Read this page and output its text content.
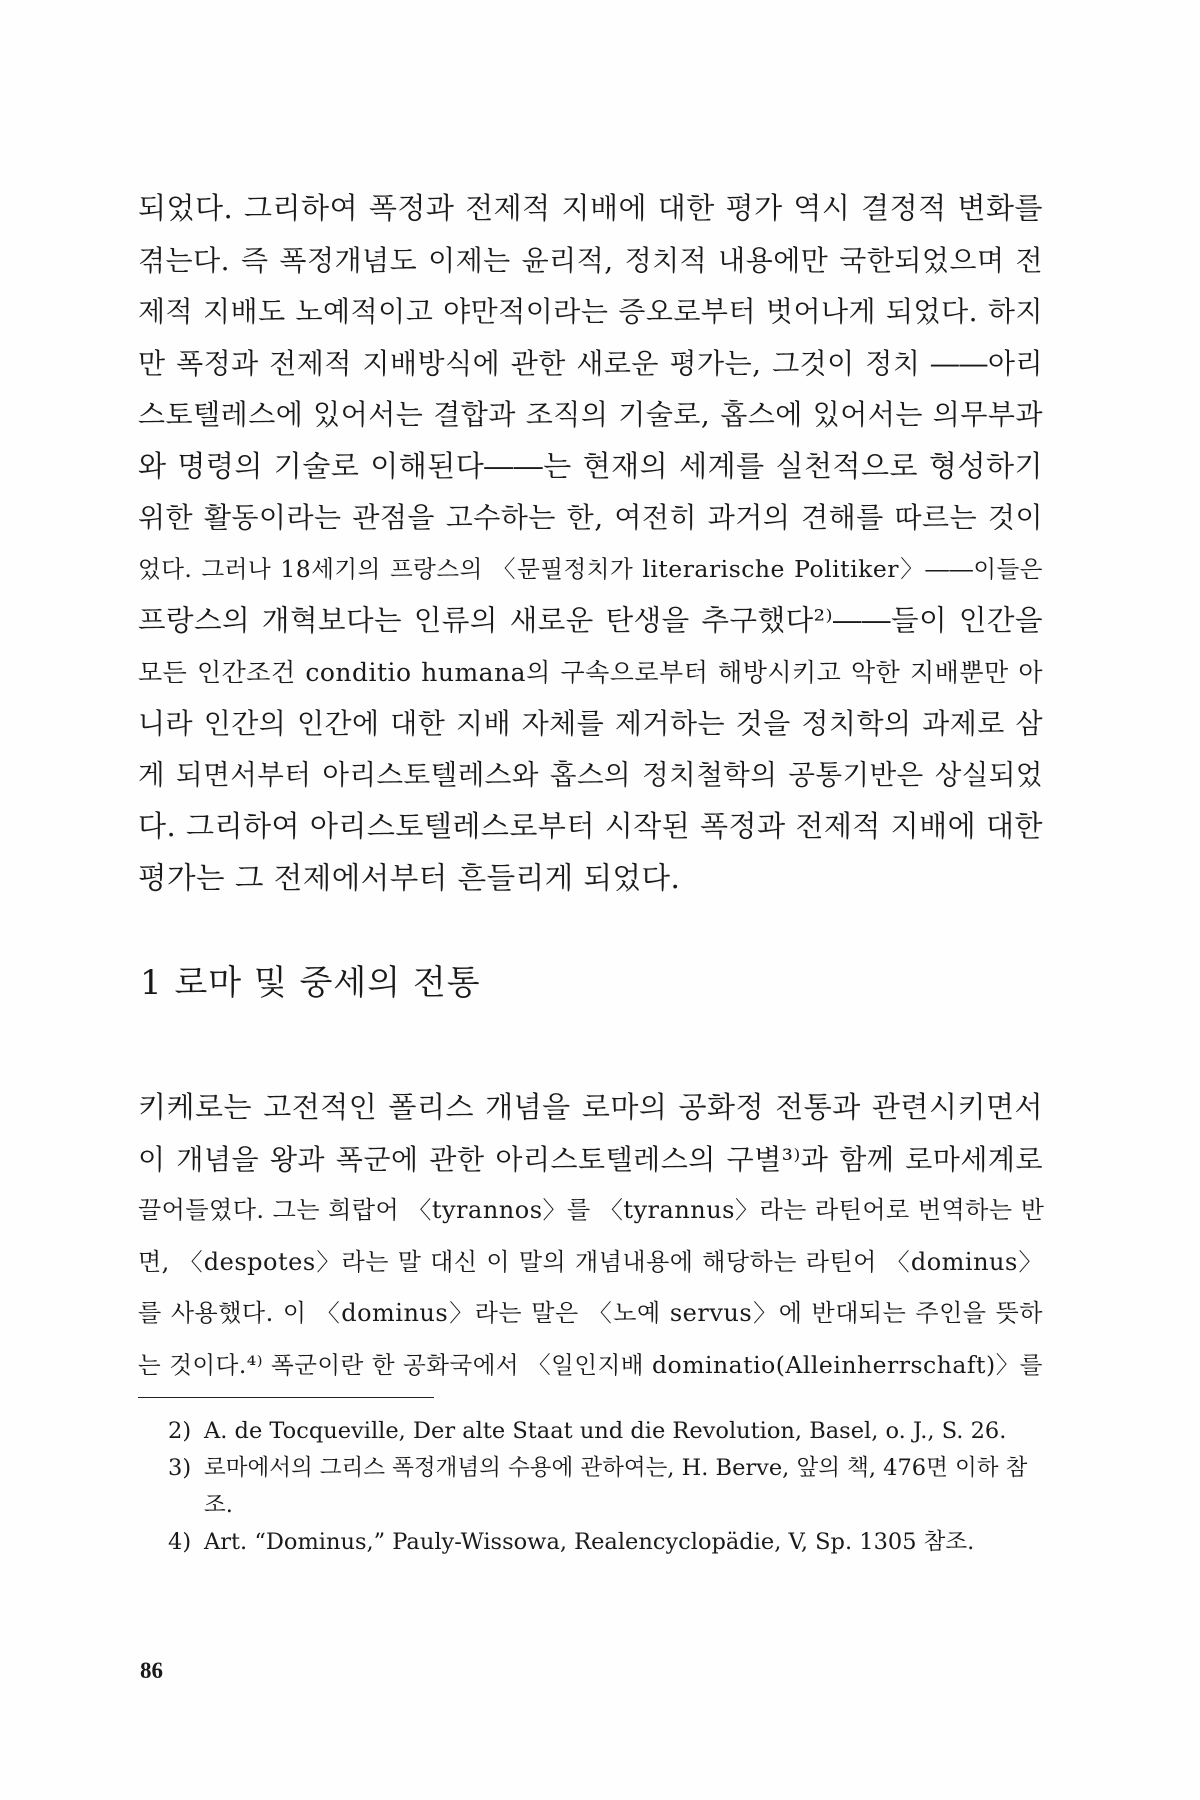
되었다. 그리하여 폭정과 전제적 지배에 대한 평가 역시 결정적 변화를
겪는다. 즉 폭정개념도 이제는 윤리적, 정치적 내용에만 국한되었으며 전
제적 지배도 노예적이고 야만적이라는 증오로부터 벗어나게 되었다. 하지
만 폭정과 전제적 지배방식에 관한 새로운 평가는, 그것이 정치 ――아리
스토텔레스에 있어서는 결합과 조직의 기술로, 홉스에 있어서는 의무부과
와 명령의 기술로 이해된다――는 현재의 세계를 실천적으로 형성하기
위한 활동이라는 관점을 고수하는 한, 여전히 과거의 견해를 따르는 것이
었다. 그러나 18세기의 프랑스의 〈문필정치가 literarische Politiker〉――이들은
프랑스의 개혁보다는 인류의 새로운 탄생을 추구했다²⁾――들이 인간을
모든 인간조건 conditio humana의 구속으로부터 해방시키고 악한 지배뿐만 아
니라 인간의 인간에 대한 지배 자체를 제거하는 것을 정치학의 과제로 삼
게 되면서부터 아리스토텔레스와 홉스의 정치철학의 공통기반은 상실되었
다. 그리하여 아리스토텔레스로부터 시작된 폭정과 전제적 지배에 대한
평가는 그 전제에서부터 흔들리게 되었다.
1 로마 및 중세의 전통
키케로는 고전적인 폴리스 개념을 로마의 공화정 전통과 관련시키면서
이 개념을 왕과 폭군에 관한 아리스토텔레스의 구별³⁾과 함께 로마세계로
끌어들였다. 그는 희랍어 〈tyrannos〉를 〈tyrannus〉라는 라틴어로 번역하는 반
면, 〈despotes〉라는 말 대신 이 말의 개념내용에 해당하는 라틴어 〈dominus〉
를 사용했다. 이 〈dominus〉라는 말은 〈노예 servus〉에 반대되는 주인을 뜻하
는 것이다.⁴⁾ 폭군이란 한 공화국에서 〈일인지배 dominatio(Alleinherrschaft)〉를
2) A. de Tocqueville, Der alte Staat und die Revolution, Basel, o. J., S. 26.
3) 로마에서의 그리스 폭정개념의 수용에 관하여는, H. Berve, 앞의 책, 476면 이하 참조.
4) Art. “Dominus,” Pauly-Wissowa, Realencyclopädie, V, Sp. 1305 참조.

86
